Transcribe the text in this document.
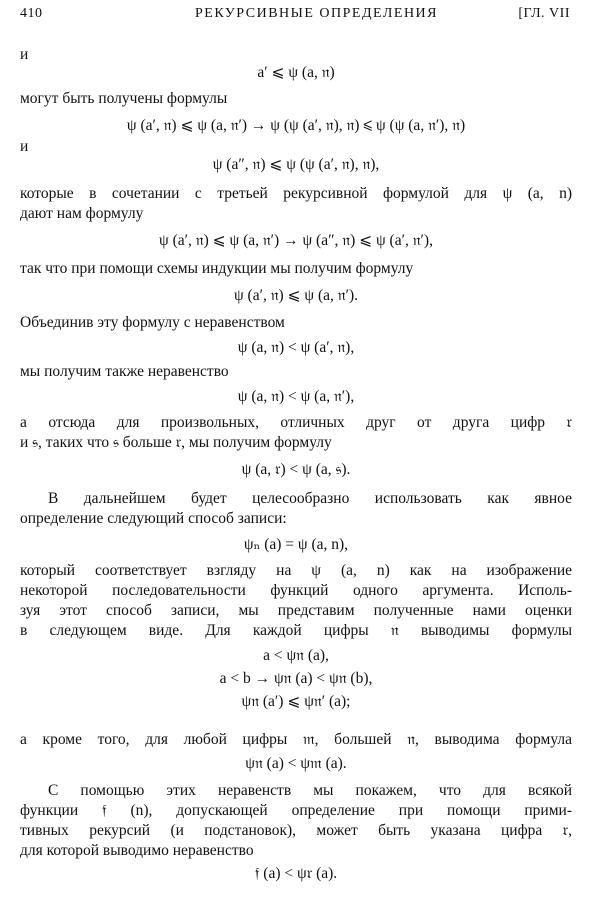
410	РЕКУРСИВНЫЕ ОПРЕДЕЛЕНИЯ	[ГЛ. VII
и
a′ ⩽ ψ (a, 𝔫)
могут быть получены формулы
ψ (a′, 𝔫) ⩽ ψ (a, 𝔫′) → ψ (ψ (a′, 𝔫), 𝔫) ⩽ ψ (ψ (a, 𝔫′), 𝔫)
и
ψ (a″, 𝔫) ⩽ ψ (ψ (a′, 𝔫), 𝔫),
которые в сочетании с третьей рекурсивной формулой для ψ (a, n)
дают нам формулу
ψ (a′, 𝔫) ⩽ ψ (a, 𝔫′) → ψ (a″, 𝔫) ⩽ ψ (a′, 𝔫′),
так что при помощи схемы индукции мы получим формулу
ψ (a′, 𝔫) ⩽ ψ (a, 𝔫′).
Объединив эту формулу с неравенством
ψ (a, 𝔫) < ψ (a′, 𝔫),
мы получим также неравенство
ψ (a, 𝔫) < ψ (a, 𝔫′),
а отсюда для произвольных, отличных друг от друга цифр 𝔯
и 𝔰, таких что 𝔰 больше 𝔯, мы получим формулу
ψ (a, 𝔯) < ψ (a, 𝔰).
В дальнейшем будет целесообразно использовать как явное
определение следующий способ записи:
ψₙ (a) = ψ (a, n),
который соответствует взгляду на ψ (a, n) как на изображение
некоторой последовательности функций одного аргумента. Исполь-
зуя этот способ записи, мы представим полученные нами оценки
в следующем виде. Для каждой цифры 𝔫 выводимы формулы
a < ψ𝔫 (a),
a < b → ψ𝔫 (a) < ψ𝔫 (b),
ψ𝔫 (a′) ⩽ ψ𝔫′ (a);
а кроме того, для любой цифры 𝔪, большей 𝔫, выводима формула
ψ𝔫 (a) < ψ𝔪 (a).
С помощью этих неравенств мы покажем, что для всякой
функции 𝔣 (n), допускающей определение при помощи прими-
тивных рекурсий (и подстановок), может быть указана цифра 𝔯,
для которой выводимо неравенство
𝔣 (a) < ψ𝔯 (a).
